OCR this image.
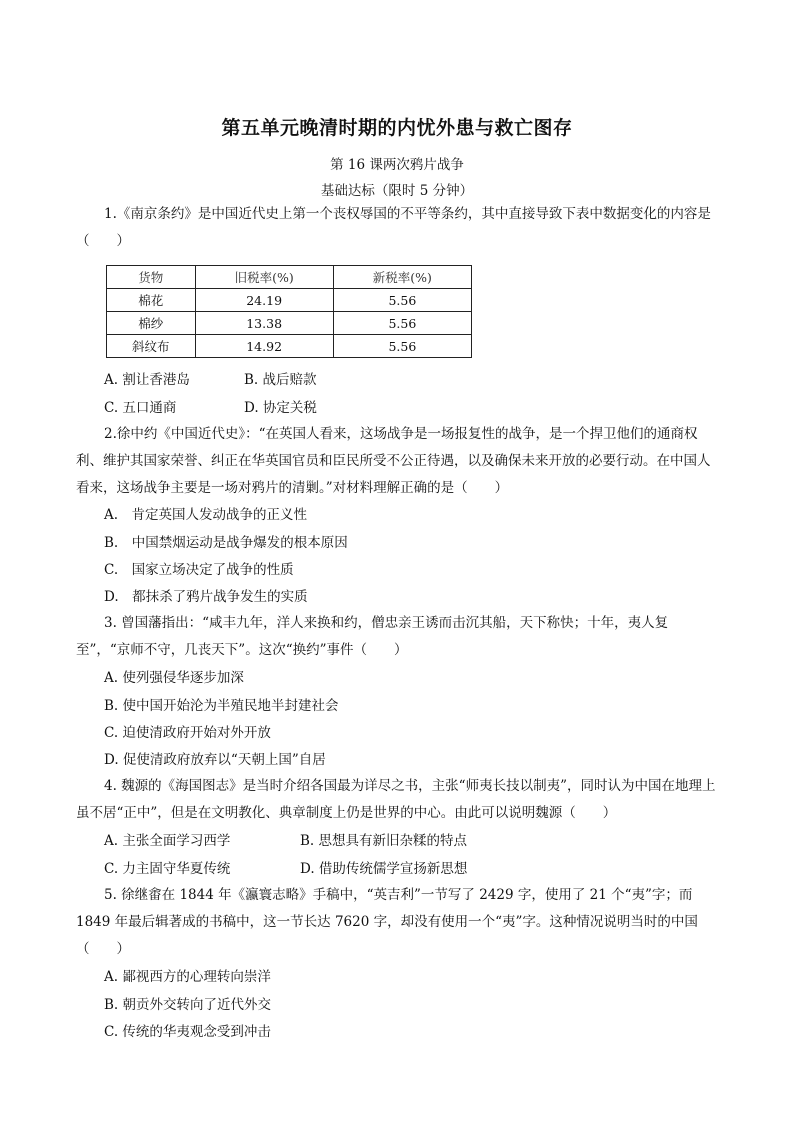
第五单元晚清时期的内忧外患与救亡图存
第 16 课两次鸦片战争
基础达标（限时 5 分钟）

1.《南京条约》是中国近代史上第一个丧权辱国的不平等条约，其中直接导致下表中数据变化的内容是（　　）

货物	旧税率(%)	新税率(%)
棉花	24.19	5.56
棉纱	13.38	5.56
斜纹布	14.92	5.56
A. 割让香港岛	B. 战后赔款
C. 五口通商	D. 协定关税

2.徐中约《中国近代史》：“在英国人看来，这场战争是一场报复性的战争，是一个捍卫他们的通商权利、维护其国家荣誉、纠正在华英国官员和臣民所受不公正待遇，以及确保未来开放的必要行动。在中国人看来，这场战争主要是一场对鸦片的清剿。”对材料理解正确的是（　　）

A.　肯定英国人发动战争的正义性
B.　中国禁烟运动是战争爆发的根本原因
C.　国家立场决定了战争的性质
D.　都抹杀了鸦片战争发生的实质

3. 曾国藩指出：“咸丰九年，洋人来换和约，僧忠亲王诱而击沉其船，天下称快；十年，夷人复至”，“京师不守，几丧天下”。这次“换约”事件（　　）

A. 使列强侵华逐步加深
B. 使中国开始沦为半殖民地半封建社会
C. 迫使清政府开始对外开放
D. 促使清政府放弃以“天朝上国”自居

4. 魏源的《海国图志》是当时介绍各国最为详尽之书，主张“师夷长技以制夷”，同时认为中国在地理上虽不居“正中”，但是在文明教化、典章制度上仍是世界的中心。由此可以说明魏源（　　）

A. 主张全面学习西学	B. 思想具有新旧杂糅的特点
C. 力主固守华夏传统	D. 借助传统儒学宣扬新思想

5. 徐继畬在 1844 年《瀛寰志略》手稿中，“英吉利”一节写了 2429 字，使用了 21 个“夷”字；而 1849 年最后辑著成的书稿中，这一节长达 7620 字，却没有使用一个“夷”字。这种情况说明当时的中国（　　）

A. 鄙视西方的心理转向崇洋
B. 朝贡外交转向了近代外交
C. 传统的华夷观念受到冲击
